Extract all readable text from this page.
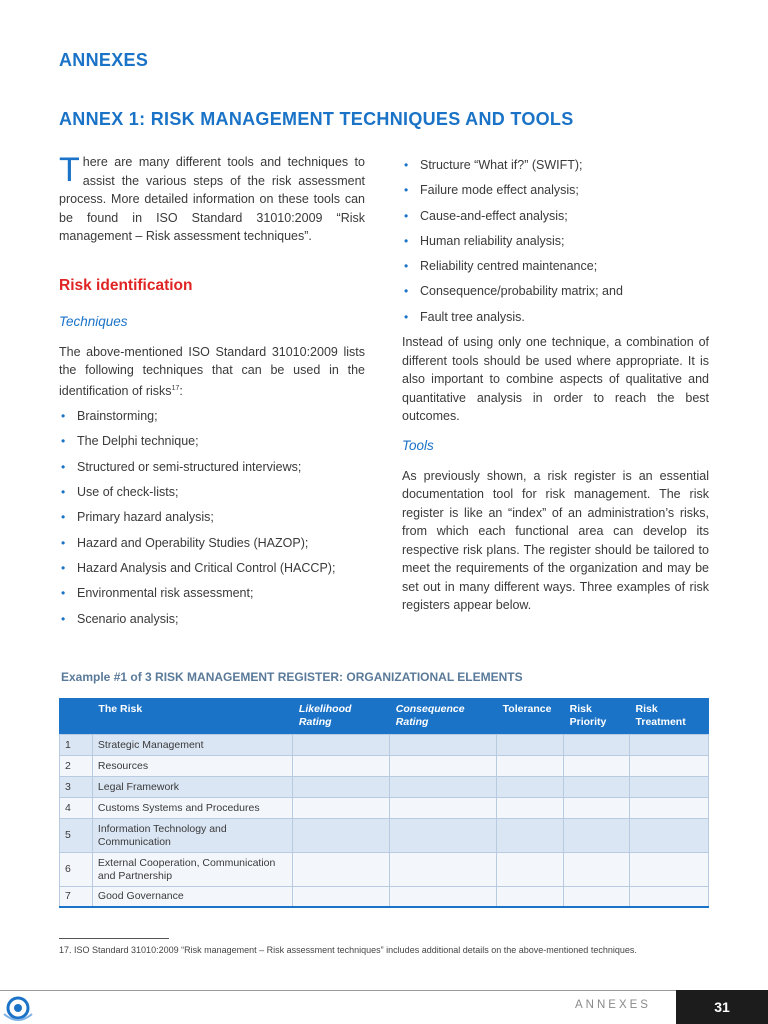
ANNEXES
ANNEX 1: RISK MANAGEMENT TECHNIQUES AND TOOLS

There are many different tools and techniques to assist the various steps of the risk assessment process. More detailed information on these tools can be found in ISO Standard 31010:2009 “Risk management – Risk assessment techniques”.

Risk identification
Techniques

The above-mentioned ISO Standard 31010:2009 lists the following techniques that can be used in the identification of risks$^{17}$:

• Brainstorming;
• The Delphi technique;
• Structured or semi-structured interviews;
• Use of check-lists;
• Primary hazard analysis;
• Hazard and Operability Studies (HAZOP);
• Hazard Analysis and Critical Control (HACCP);
• Environmental risk assessment;
• Scenario analysis;
• Structure “What if?” (SWIFT);
• Failure mode effect analysis;
• Cause-and-effect analysis;
• Human reliability analysis;
• Reliability centred maintenance;
• Consequence/probability matrix; and
• Fault tree analysis.

Instead of using only one technique, a combination of different tools should be used where appropriate. It is also important to combine aspects of qualitative and quantitative analysis in order to reach the best outcomes.

Tools

As previously shown, a risk register is an essential documentation tool for risk management. The risk register is like an “index” of an administration’s risks, from which each functional area can develop its respective risk plans. The register should be tailored to meet the requirements of the organization and may be set out in many different ways. Three examples of risk registers appear below.

Example #1 of 3 RISK MANAGEMENT REGISTER: ORGANIZATIONAL ELEMENTS
	The Risk	Likelihood Rating	Consequence Rating	Tolerance	Risk Priority	Risk Treatment
1	Strategic Management					
2	Resources					
3	Legal Framework					
4	Customs Systems and Procedures					
5	Information Technology and Communication					
6	External Cooperation, Communication and Partnership					
7	Good Governance					
17. ISO Standard 31010:2009 “Risk management – Risk assessment techniques” includes additional details on the above-mentioned techniques.
ANNEXES	31
